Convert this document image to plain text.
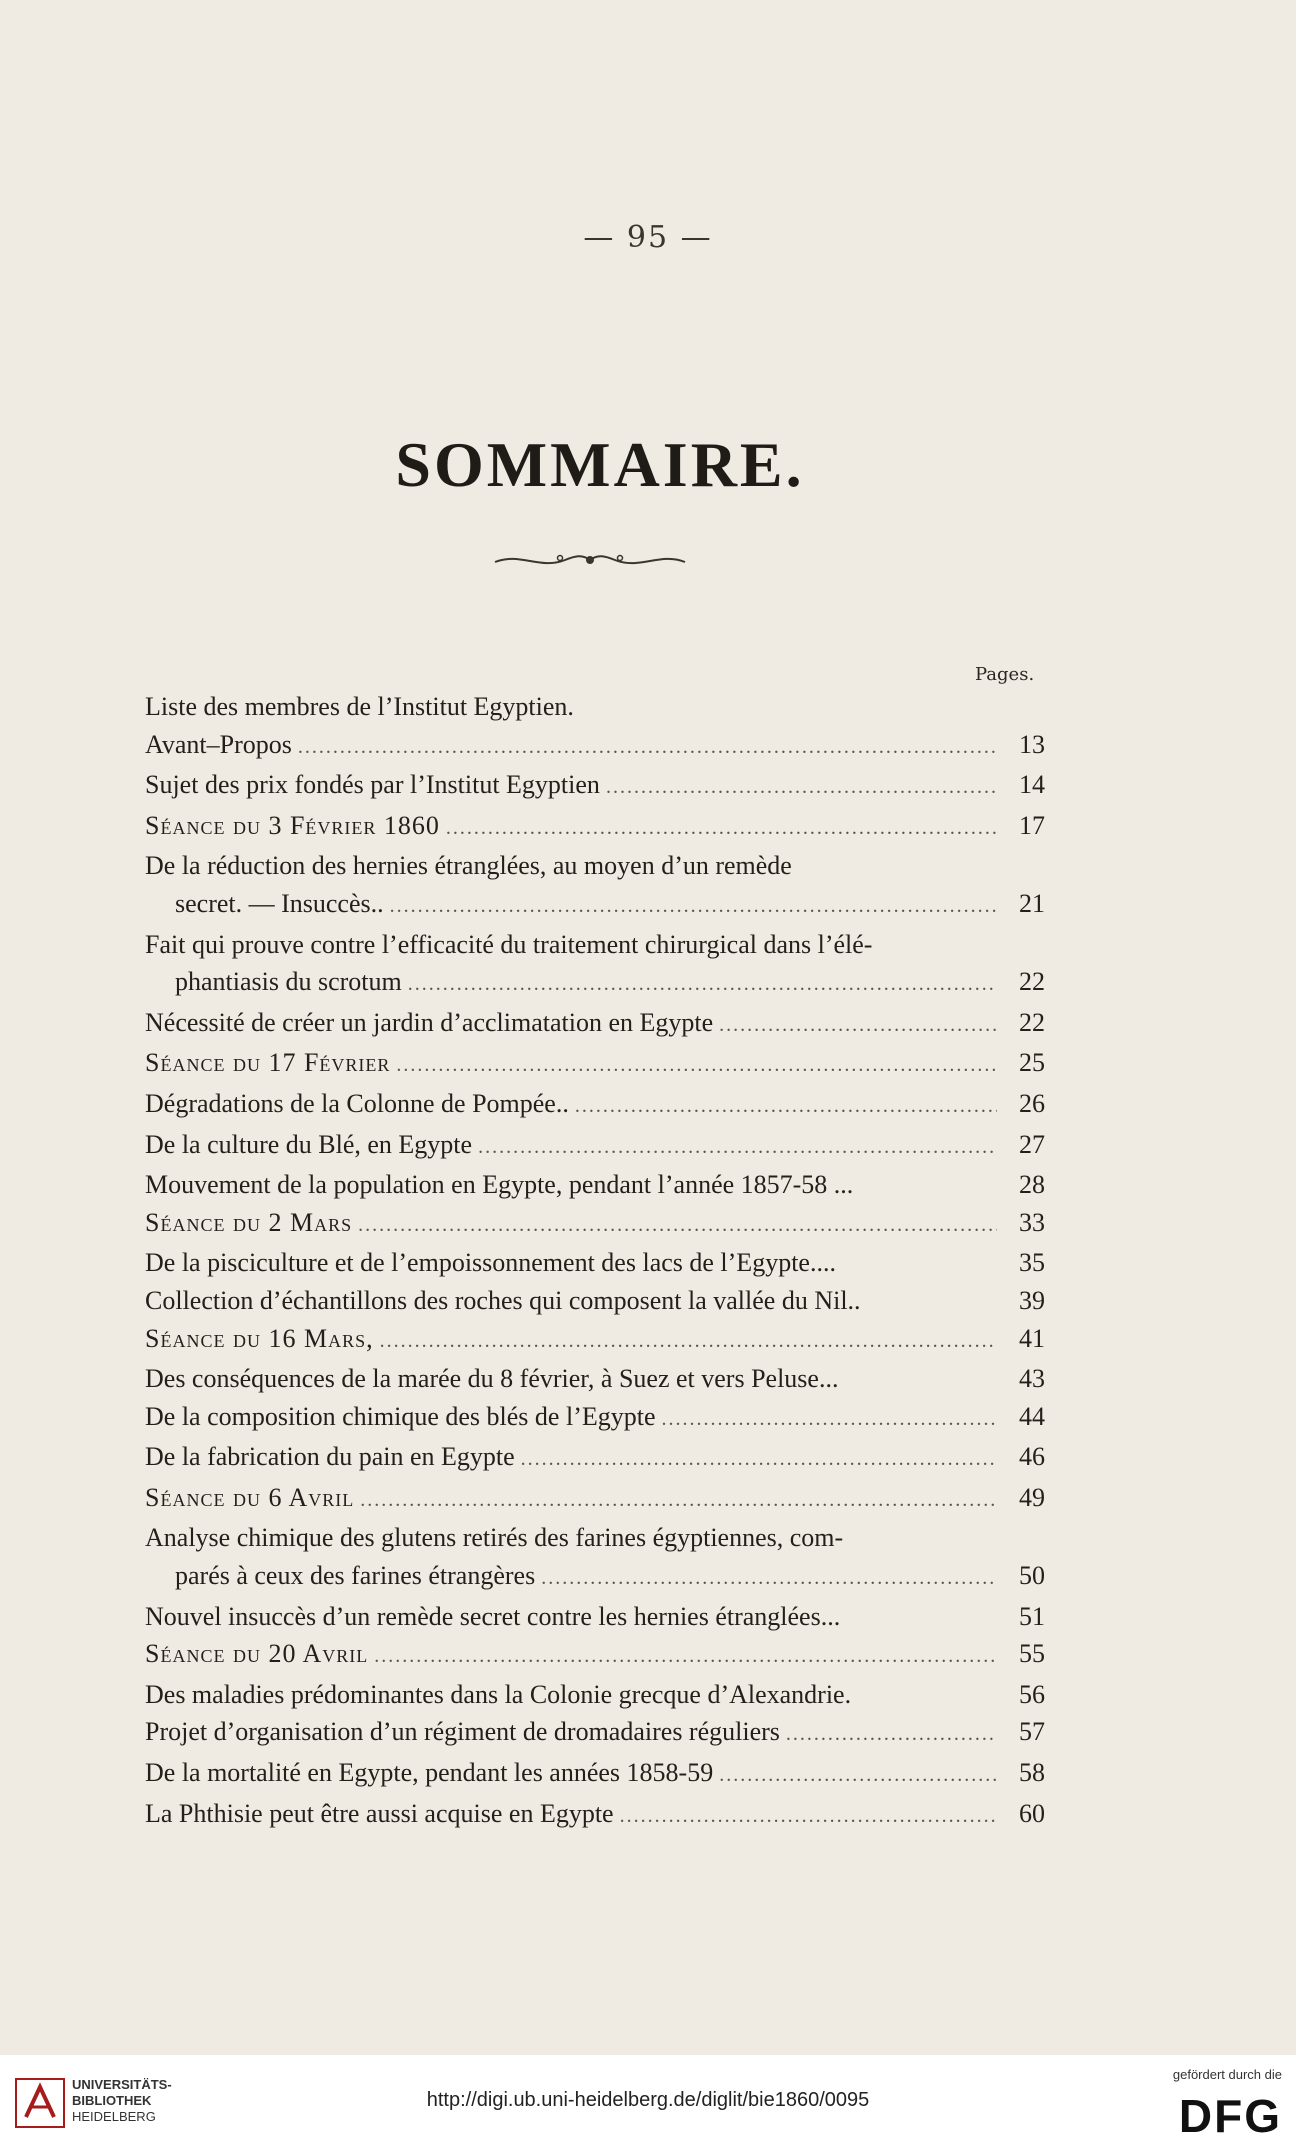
— 95 —
SOMMAIRE.
Pages.
Liste des membres de l’Institut Egyptien.
Avant–Propos .....	13
Sujet des prix fondés par l’Institut Egyptien .....	14
Séance du 3 Février 1860 .....	17
De la réduction des hernies étranglées, au moyen d’un remède
secret. — Insuccès.. .....	21
Fait qui prouve contre l’efficacité du traitement chirurgical dans l’élé-
phantiasis du scrotum .....	22
Nécessité de créer un jardin d’acclimatation en Egypte .....	22
Séance du 17 Février .....	25
Dégradations de la Colonne de Pompée.. .....	26
De la culture du Blé, en Egypte .....	27
Mouvement de la population en Egypte, pendant l’année 1857-58 ...	28
Séance du 2 Mars .....	33
De la pisciculture et de l’empoissonnement des lacs de l’Egypte....	35
Collection d’échantillons des roches qui composent la vallée du Nil..	39
Séance du 16 Mars, .....	41
Des conséquences de la marée du 8 février, à Suez et vers Peluse...	43
De la composition chimique des blés de l’Egypte .....	44
De la fabrication du pain en Egypte .....	46
Séance du 6 Avril .....	49
Analyse chimique des glutens retirés des farines égyptiennes, com-
parés à ceux des farines étrangères .....	50
Nouvel insuccès d’un remède secret contre les hernies étranglées...	51
Séance du 20 Avril .....	55
Des maladies prédominantes dans la Colonie grecque d’Alexandrie.	56
Projet d’organisation d’un régiment de dromadaires réguliers .....	57
De la mortalité en Egypte, pendant les années 1858-59 .....	58
La Phthisie peut être aussi acquise en Egypte .....	60
UNIVERSITÄTS-
BIBLIOTHEK
HEIDELBERG
http://digi.ub.uni-heidelberg.de/diglit/bie1860/0095
gefördert durch die
DFG
